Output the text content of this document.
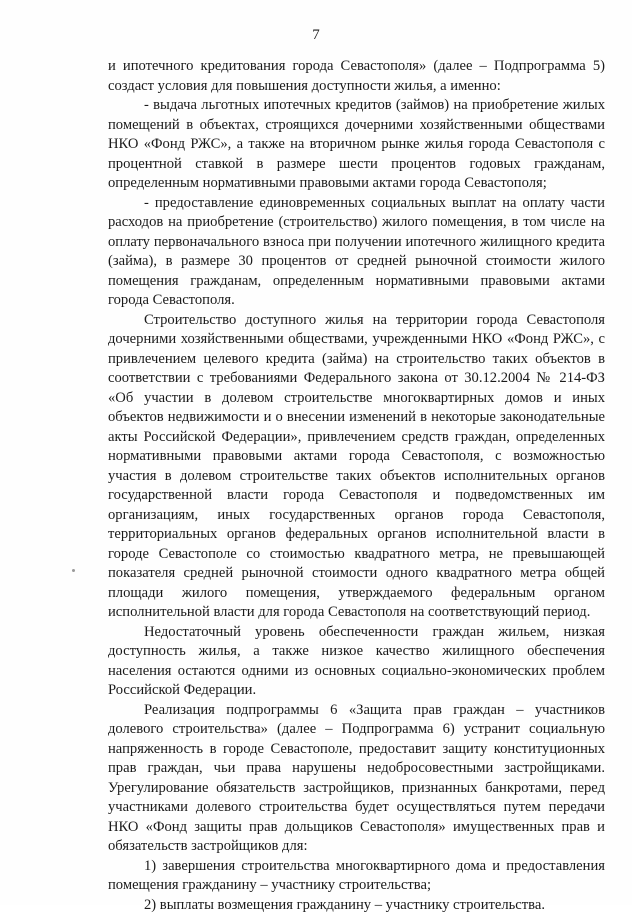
7

и ипотечного кредитования города Севастополя» (далее – Подпрограмма 5) создаст условия для повышения доступности жилья, а именно:

- выдача льготных ипотечных кредитов (займов) на приобретение жилых помещений в объектах, строящихся дочерними хозяйственными обществами НКО «Фонд РЖС», а также на вторичном рынке жилья города Севастополя с процентной ставкой в размере шести процентов годовых гражданам, определенным нормативными правовыми актами города Севастополя;

- предоставление единовременных социальных выплат на оплату части расходов на приобретение (строительство) жилого помещения, в том числе на оплату первоначального взноса при получении ипотечного жилищного кредита (займа), в размере 30 процентов от средней рыночной стоимости жилого помещения гражданам, определенным нормативными правовыми актами города Севастополя.

Строительство доступного жилья на территории города Севастополя дочерними хозяйственными обществами, учрежденными НКО «Фонд РЖС», с привлечением целевого кредита (займа) на строительство таких объектов в соответствии с требованиями Федерального закона от 30.12.2004 № 214-ФЗ «Об участии в долевом строительстве многоквартирных домов и иных объектов недвижимости и о внесении изменений в некоторые законодательные акты Российской Федерации», привлечением средств граждан, определенных нормативными правовыми актами города Севастополя, с возможностью участия в долевом строительстве таких объектов исполнительных органов государственной власти города Севастополя и подведомственных им организациям, иных государственных органов города Севастополя, территориальных органов федеральных органов исполнительной власти в городе Севастополе со стоимостью квадратного метра, не превышающей показателя средней рыночной стоимости одного квадратного метра общей площади жилого помещения, утверждаемого федеральным органом исполнительной власти для города Севастополя на соответствующий период.

Недостаточный уровень обеспеченности граждан жильем, низкая доступность жилья, а также низкое качество жилищного обеспечения населения остаются одними из основных социально-экономических проблем Российской Федерации.

Реализация подпрограммы 6 «Защита прав граждан – участников долевого строительства» (далее – Подпрограмма 6) устранит социальную напряженность в городе Севастополе, предоставит защиту конституционных прав граждан, чьи права нарушены недобросовестными застройщиками. Урегулирование обязательств застройщиков, признанных банкротами, перед участниками долевого строительства будет осуществляться путем передачи НКО «Фонд защиты прав дольщиков Севастополя» имущественных прав и обязательств застройщиков для:

1) завершения строительства многоквартирного дома и предоставления помещения гражданину – участнику строительства;

2) выплаты возмещения гражданину – участнику строительства.
